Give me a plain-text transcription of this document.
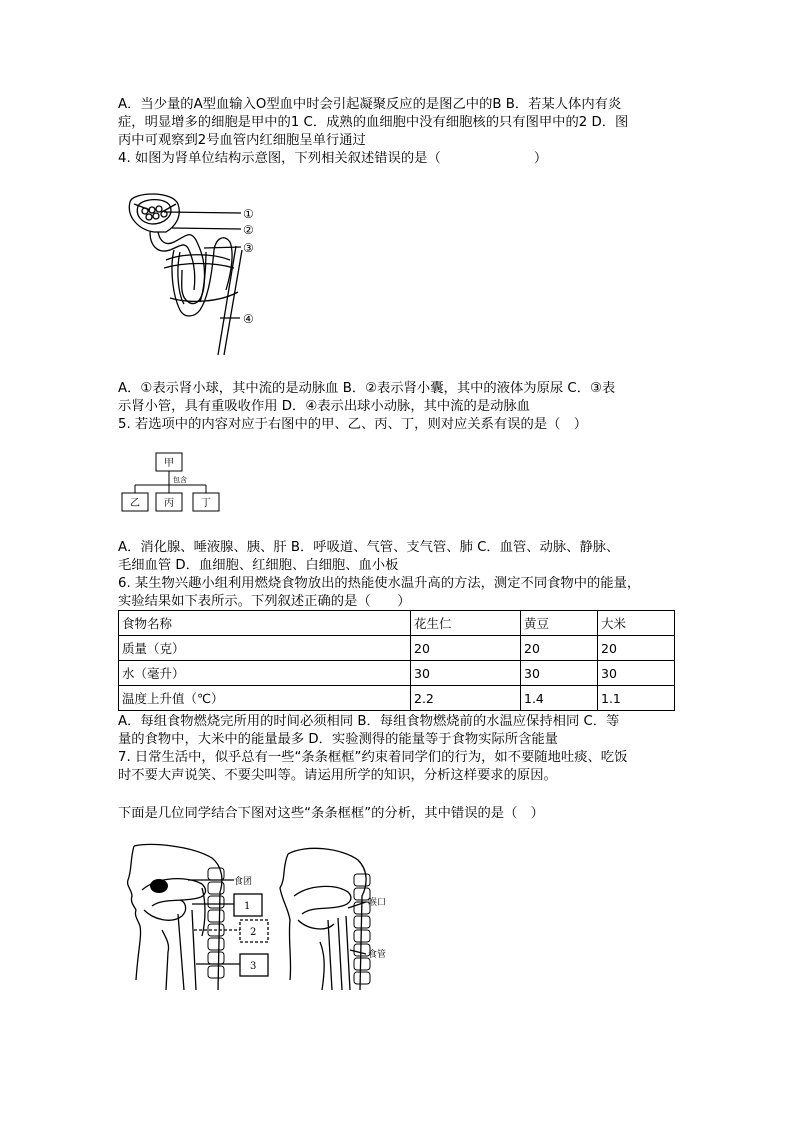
A．当少量的A型血输入O型血中时会引起凝聚反应的是图乙中的B B．若某人体内有炎
症，明显增多的细胞是甲中的1 C．成熟的血细胞中没有细胞核的只有图甲中的2 D．图
丙中可观察到2号血管内红细胞呈单行通过
4. 如图为肾单位结构示意图，下列相关叙述错误的是（　　　　　　　）
①
②
③
④
A．①表示肾小球，其中流的是动脉血 B．②表示肾小囊，其中的液体为原尿 C．③表
示肾小管，具有重吸收作用 D．④表示出球小动脉，其中流的是动脉血
5. 若选项中的内容对应于右图中的甲、乙、丙、丁，则对应关系有误的是（　）
甲
包含
乙 丙	丁
A．消化腺、唾液腺、胰、肝 B．呼吸道、气管、支气管、肺 C．血管、动脉、静脉、
毛细血管 D．血细胞、红细胞、白细胞、血小板
6. 某生物兴趣小组利用燃烧食物放出的热能使水温升高的方法，测定不同食物中的能量，
实验结果如下表所示。下列叙述正确的是（　　）
食物名称	花生仁	黄豆	大米
质量（克）	20	20	20
水（毫升）	30	30	30
温度上升值（℃）	2.2	1.4	1.1
A．每组食物燃烧完所用的时间必须相同 B．每组食物燃烧前的水温应保持相同 C．等
量的食物中，大米中的能量最多 D．实验测得的能量等于食物实际所含能量
7. 日常生活中，似乎总有一些“条条框框”约束着同学们的行为，如不要随地吐痰、吃饭
时不要大声说笑、不要尖叫等。请运用所学的知识，分析这样要求的原因。
下面是几位同学结合下图对这些“条条框框”的分析，其中错误的是（　）
食团
1
2
3
喉口
食管
